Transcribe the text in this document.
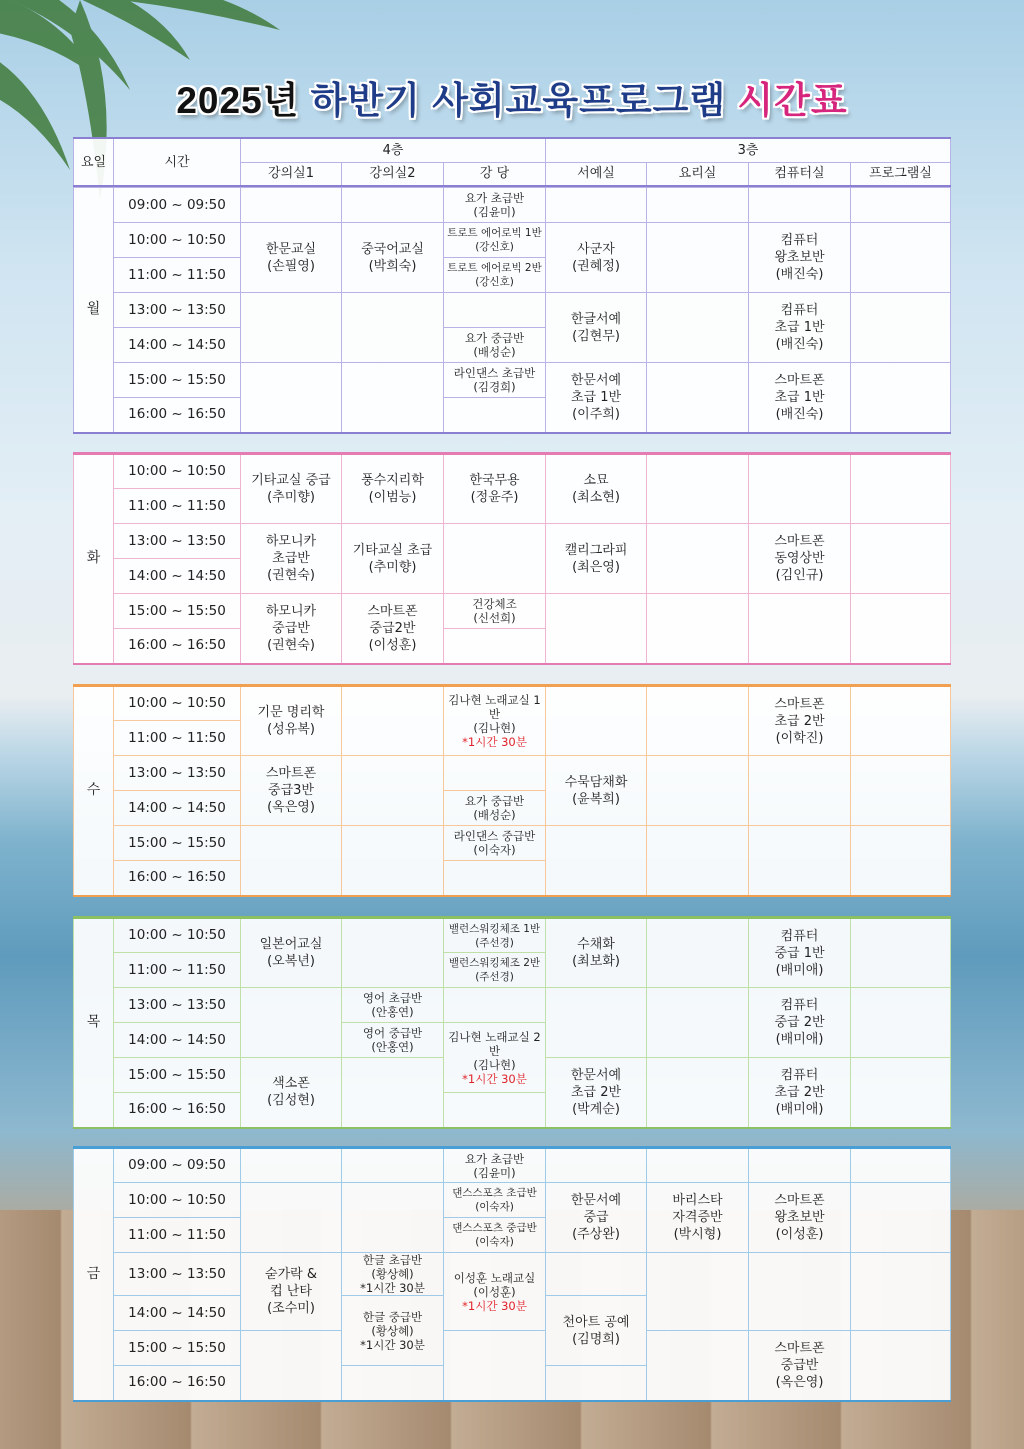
2025년 하반기 사회교육프로그램 시간표
요일	시간	4층			3층			
		강의실1	강의실2	강 당	서예실	요리실	컴퓨터실	프로그램실
월	09:00 ~ 09:50			요가 초급반
(김윤미)				
	10:00 ~ 10:50	한문교실
(손필영)	중국어교실
(박희숙)	트로트 에어로빅 1반
(강신호)	사군자
(권혜정)		컴퓨터
왕초보반
(배진숙)	
	11:00 ~ 11:50			트로트 에어로빅 2반
(강신호)				
	13:00 ~ 13:50				한글서예
(김현무)		컴퓨터
초급 1반
(배진숙)	
	14:00 ~ 14:50			요가 중급반
(배성순)				
	15:00 ~ 15:50			라인댄스 초급반
(김경희)	한문서예
초급 1반
(이주희)		스마트폰
초급 1반
(배진숙)	
	16:00 ~ 16:50							
화	10:00 ~ 10:50	기타교실 중급
(추미향)	풍수지리학
(이범능)	한국무용
(정윤주)	소묘
(최소현)			
	11:00 ~ 11:50							
	13:00 ~ 13:50	하모니카
초급반
(권현숙)	기타교실 초급
(추미향)		캘리그라피
(최은영)		스마트폰
동영상반
(김인규)	
	14:00 ~ 14:50							
	15:00 ~ 15:50	하모니카
중급반
(권현숙)	스마트폰
중급2반
(이성훈)	건강체조
(신선희)				
	16:00 ~ 16:50							
수	10:00 ~ 10:50	기문 명리학
(성유복)		김나현 노래교실 1반
(김나현)
*1시간 30분			스마트폰
초급 2반
(이학진)	
	11:00 ~ 11:50							
	13:00 ~ 13:50	스마트폰
중급3반
(옥은영)			수묵담채화
(윤복희)			
	14:00 ~ 14:50			요가 중급반
(배성순)				
	15:00 ~ 15:50			라인댄스 중급반
(이숙자)				
	16:00 ~ 16:50							
목	10:00 ~ 10:50	일본어교실
(오복년)		밸런스워킹체조 1반
(주선경)	수채화
(최보화)		컴퓨터
중급 1반
(배미애)	
	11:00 ~ 11:50			밸런스워킹체조 2반
(주선경)				
	13:00 ~ 13:50		영어 초급반
(안홍연)				컴퓨터
중급 2반
(배미애)	
	14:00 ~ 14:50		영어 중급반
(안홍연)	김나현 노래교실 2반
(김나현)
*1시간 30분				
	15:00 ~ 15:50	색소폰
(김성현)			한문서예
초급 2반
(박계순)		컴퓨터
초급 2반
(배미애)	
	16:00 ~ 16:50							
금	09:00 ~ 09:50			요가 초급반
(김윤미)				
	10:00 ~ 10:50			댄스스포츠 초급반
(이숙자)	한문서예
중급
(주상완)	바리스타
자격증반
(박시형)	스마트폰
왕초보반
(이성훈)	
	11:00 ~ 11:50			댄스스포츠 중급반
(이숙자)				
	13:00 ~ 13:50	숟가락 &
컵 난타
(조수미)	한글 초급반
(황상혜)
*1시간 30분	이성훈 노래교실
(이성훈)
*1시간 30분				
	14:00 ~ 14:50		한글 중급반
(황상혜)
*1시간 30분		천아트 공예
(김명희)			
	15:00 ~ 15:50						스마트폰
중급반
(옥은영)	
	16:00 ~ 16:50							
